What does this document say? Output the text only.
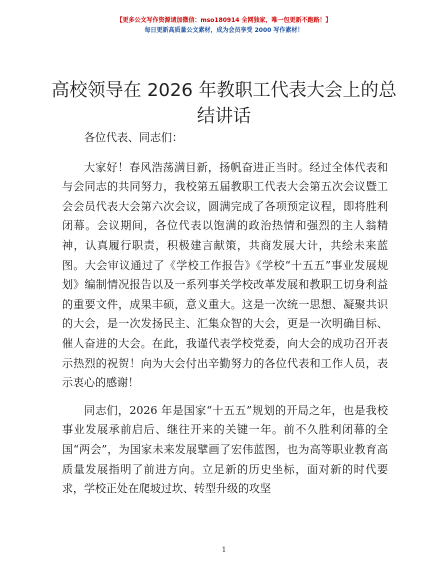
【更多公文写作资源请加微信：mso180914 全网独家，唯一包更新不跑路！】
每日更新高质量公文素材，成为会员享受 2000 写作素材！
高校领导在 2026 年教职工代表大会上的总结讲话

各位代表、同志们：

大家好！春风浩荡满目新，扬帆奋进正当时。经过全体代表和与会同志的共同努力，我校第五届教职工代表大会第五次会议暨工会会员代表大会第六次会议，圆满完成了各项预定议程，即将胜利闭幕。会议期间，各位代表以饱满的政治热情和强烈的主人翁精神，认真履行职责，积极建言献策，共商发展大计，共绘未来蓝图。大会审议通过了《学校工作报告》《学校“十五五”事业发展规划》编制情况报告以及一系列事关学校改革发展和教职工切身利益的重要文件，成果丰硕，意义重大。这是一次统一思想、凝聚共识的大会，是一次发扬民主、汇集众智的大会，更是一次明确目标、催人奋进的大会。在此，我谨代表学校党委，向大会的成功召开表示热烈的祝贺！向为大会付出辛勤努力的各位代表和工作人员，表示衷心的感谢！

同志们，2026 年是国家“十五五”规划的开局之年，也是我校事业发展承前启后、继往开来的关键一年。前不久胜利闭幕的全国“两会”，为国家未来发展擘画了宏伟蓝图，也为高等职业教育高质量发展指明了前进方向。立足新的历史坐标，面对新的时代要求，学校正处在爬坡过坎、转型升级的攻坚

1
